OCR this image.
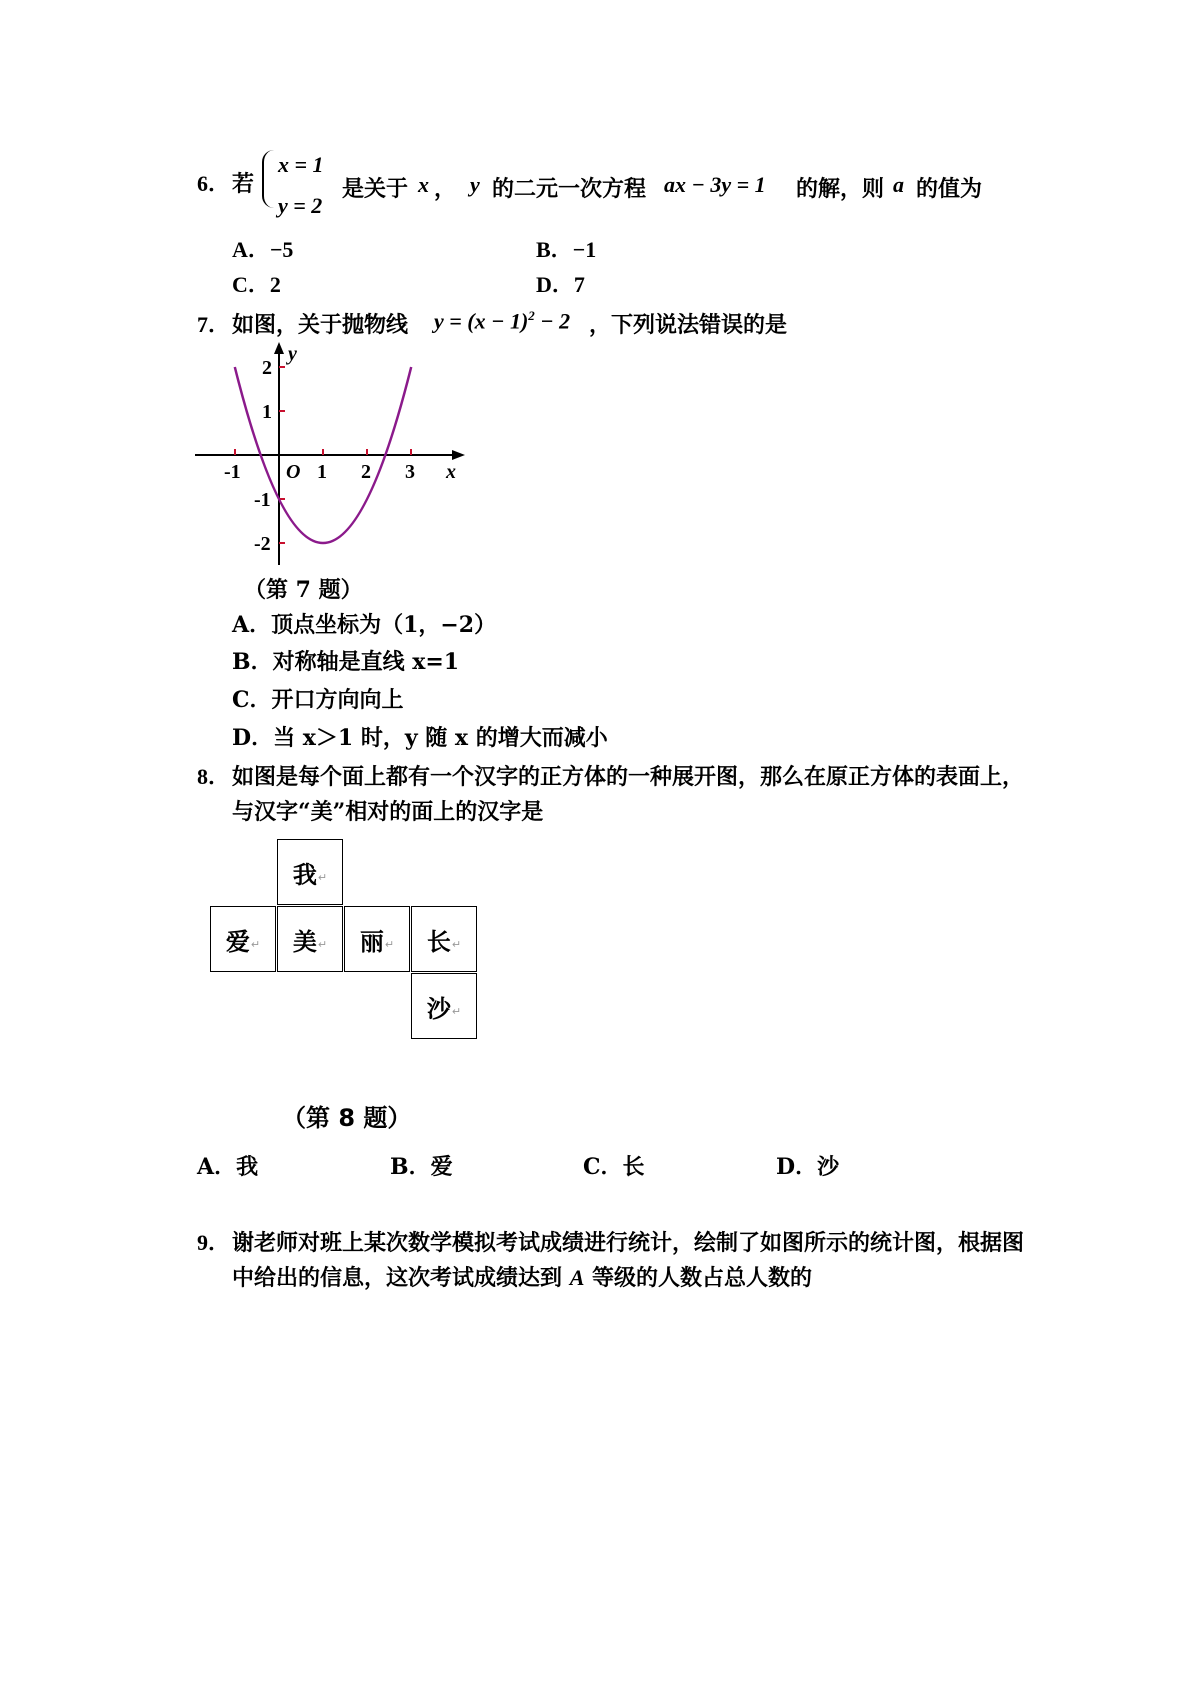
6． 若
x = 1
y = 2
是关于 x ， y 的二元一次方程 ax − 3y = 1 的解，则 a 的值为
A．−5	B．−1
C．2	D．7
7． 如图，关于抛物线 $y = (x - 1)^2 - 2$ ，下列说法错误的是
-1 O 1 2 3 x
y
2
1
-1
-2
（第 7 题）
A．顶点坐标为（1，−2）
B．对称轴是直线 x=1
C．开口方向向上
D．当 x＞1 时，y 随 x 的增大而减小
8． 如图是每个面上都有一个汉字的正方体的一种展开图，那么在原正方体的表面上，
与汉字“美”相对的面上的汉字是
我 ↵
爱 ↵ 美 ↵ 丽 ↵ 长 ↵
沙 ↵
（第 8 题）
A．我	B．爱	C．长	D．沙
9． 谢老师对班上某次数学模拟考试成绩进行统计，绘制了如图所示的统计图，根据图
中给出的信息，这次考试成绩达到 A 等级的人数占总人数的
